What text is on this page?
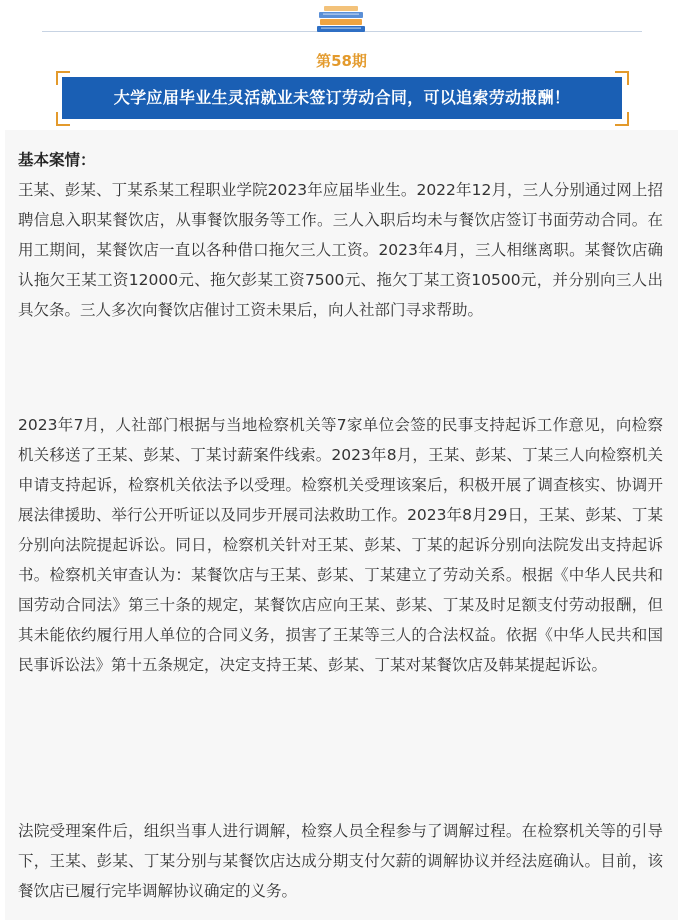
第58期
大学应届毕业生灵活就业未签订劳动合同，可以追索劳动报酬！

基本案情：

王某、彭某、丁某系某工程职业学院2023年应届毕业生。2022年12月，三人分别通过网上招聘信息入职某餐饮店，从事餐饮服务等工作。三人入职后均未与餐饮店签订书面劳动合同。在用工期间，某餐饮店一直以各种借口拖欠三人工资。2023年4月，三人相继离职。某餐饮店确认拖欠王某工资12000元、拖欠彭某工资7500元、拖欠丁某工资10500元，并分别向三人出具欠条。三人多次向餐饮店催讨工资未果后，向人社部门寻求帮助。

2023年7月，人社部门根据与当地检察机关等7家单位会签的民事支持起诉工作意见，向检察机关移送了王某、彭某、丁某讨薪案件线索。2023年8月，王某、彭某、丁某三人向检察机关申请支持起诉，检察机关依法予以受理。检察机关受理该案后，积极开展了调查核实、协调开展法律援助、举行公开听证以及同步开展司法救助工作。2023年8月29日，王某、彭某、丁某分别向法院提起诉讼。同日，检察机关针对王某、彭某、丁某的起诉分别向法院发出支持起诉书。检察机关审查认为：某餐饮店与王某、彭某、丁某建立了劳动关系。根据《中华人民共和国劳动合同法》第三十条的规定，某餐饮店应向王某、彭某、丁某及时足额支付劳动报酬，但其未能依约履行用人单位的合同义务，损害了王某等三人的合法权益。依据《中华人民共和国民事诉讼法》第十五条规定，决定支持王某、彭某、丁某对某餐饮店及韩某提起诉讼。

法院受理案件后，组织当事人进行调解，检察人员全程参与了调解过程。在检察机关等的引导下，王某、彭某、丁某分别与某餐饮店达成分期支付欠薪的调解协议并经法庭确认。目前，该餐饮店已履行完毕调解协议确定的义务。
